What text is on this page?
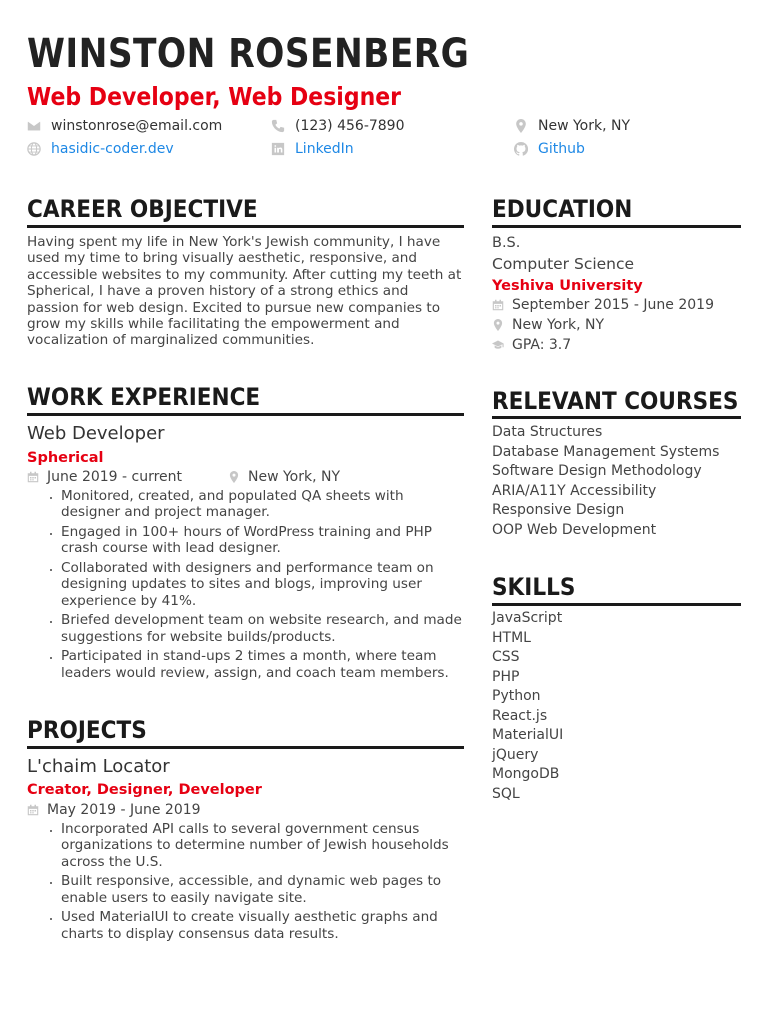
WINSTON ROSENBERG
Web Developer, Web Designer
winstonrose@email.com	(123) 456-7890	New York, NY
hasidic-coder.dev	LinkedIn	Github
CAREER OBJECTIVE

Having spent my life in New York's Jewish community, I have used my time to bring visually aesthetic, responsive, and accessible websites to my community. After cutting my teeth at Spherical, I have a proven history of a strong ethics and passion for web design. Excited to pursue new companies to grow my skills while facilitating the empowerment and vocalization of marginalized communities.

WORK EXPERIENCE
Web Developer
Spherical
June 2019 - current	New York, NY
• Monitored, created, and populated QA sheets with designer and project manager.
• Engaged in 100+ hours of WordPress training and PHP crash course with lead designer.
• Collaborated with designers and performance team on designing updates to sites and blogs, improving user experience by 41%.
• Briefed development team on website research, and made suggestions for website builds/products.
• Participated in stand-ups 2 times a month, where team leaders would review, assign, and coach team members.
PROJECTS
L'chaim Locator
Creator, Designer, Developer
May 2019 - June 2019
• Incorporated API calls to several government census organizations to determine number of Jewish households across the U.S.
• Built responsive, accessible, and dynamic web pages to enable users to easily navigate site.
• Used MaterialUI to create visually aesthetic graphs and charts to display consensus data results.
EDUCATION
B.S.
Computer Science
Yeshiva University
September 2015 - June 2019
New York, NY
GPA: 3.7
RELEVANT COURSES
Data Structures
Database Management Systems
Software Design Methodology
ARIA/A11Y Accessibility
Responsive Design
OOP Web Development
SKILLS
JavaScript
HTML
CSS
PHP
Python
React.js
MaterialUI
jQuery
MongoDB
SQL
